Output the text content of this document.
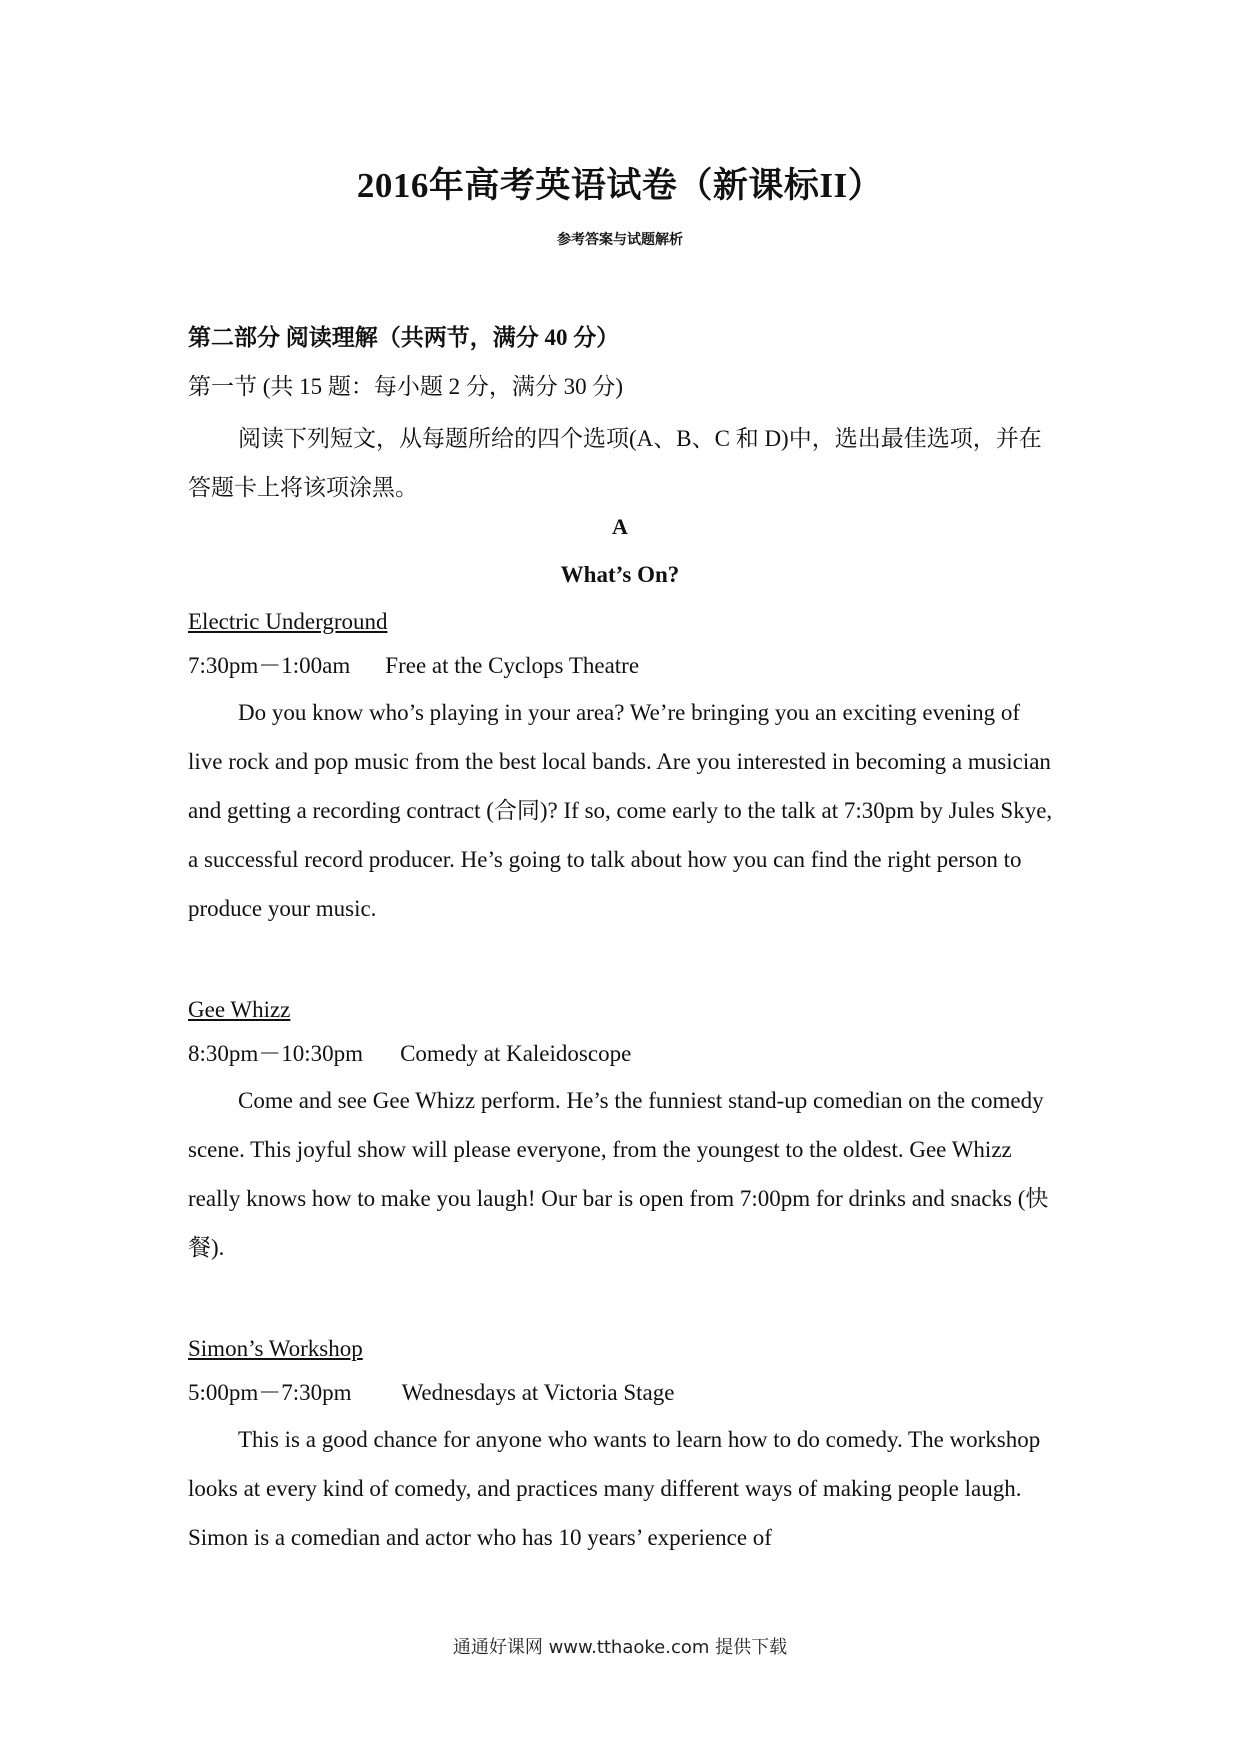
2016年高考英语试卷（新课标II）
参考答案与试题解析
第二部分 阅读理解（共两节，满分 40 分）
第一节 (共 15 题：每小题 2 分，满分 30 分)
阅读下列短文，从每题所给的四个选项(A、B、C 和 D)中，选出最佳选项，并在答题卡上将该项涂黑。
A
What’s On?
Electric Underground
7:30pm－1:00am Free at the Cyclops Theatre
Do you know who’s playing in your area? We’re bringing you an exciting evening of live rock and pop music from the best local bands. Are you interested in becoming a musician and getting a recording contract (合同)? If so, come early to the talk at 7:30pm by Jules Skye, a successful record producer. He’s going to talk about how you can find the right person to produce your music.
Gee Whizz
8:30pm－10:30pm Comedy at Kaleidoscope
Come and see Gee Whizz perform. He’s the funniest stand-up comedian on the comedy scene. This joyful show will please everyone, from the youngest to the oldest. Gee Whizz really knows how to make you laugh! Our bar is open from 7:00pm for drinks and snacks (快餐).
Simon’s Workshop
5:00pm－7:30pm Wednesdays at Victoria Stage
This is a good chance for anyone who wants to learn how to do comedy. The workshop looks at every kind of comedy, and practices many different ways of making people laugh. Simon is a comedian and actor who has 10 years’ experience of
通通好课网 www.tthaoke.com 提供下载
